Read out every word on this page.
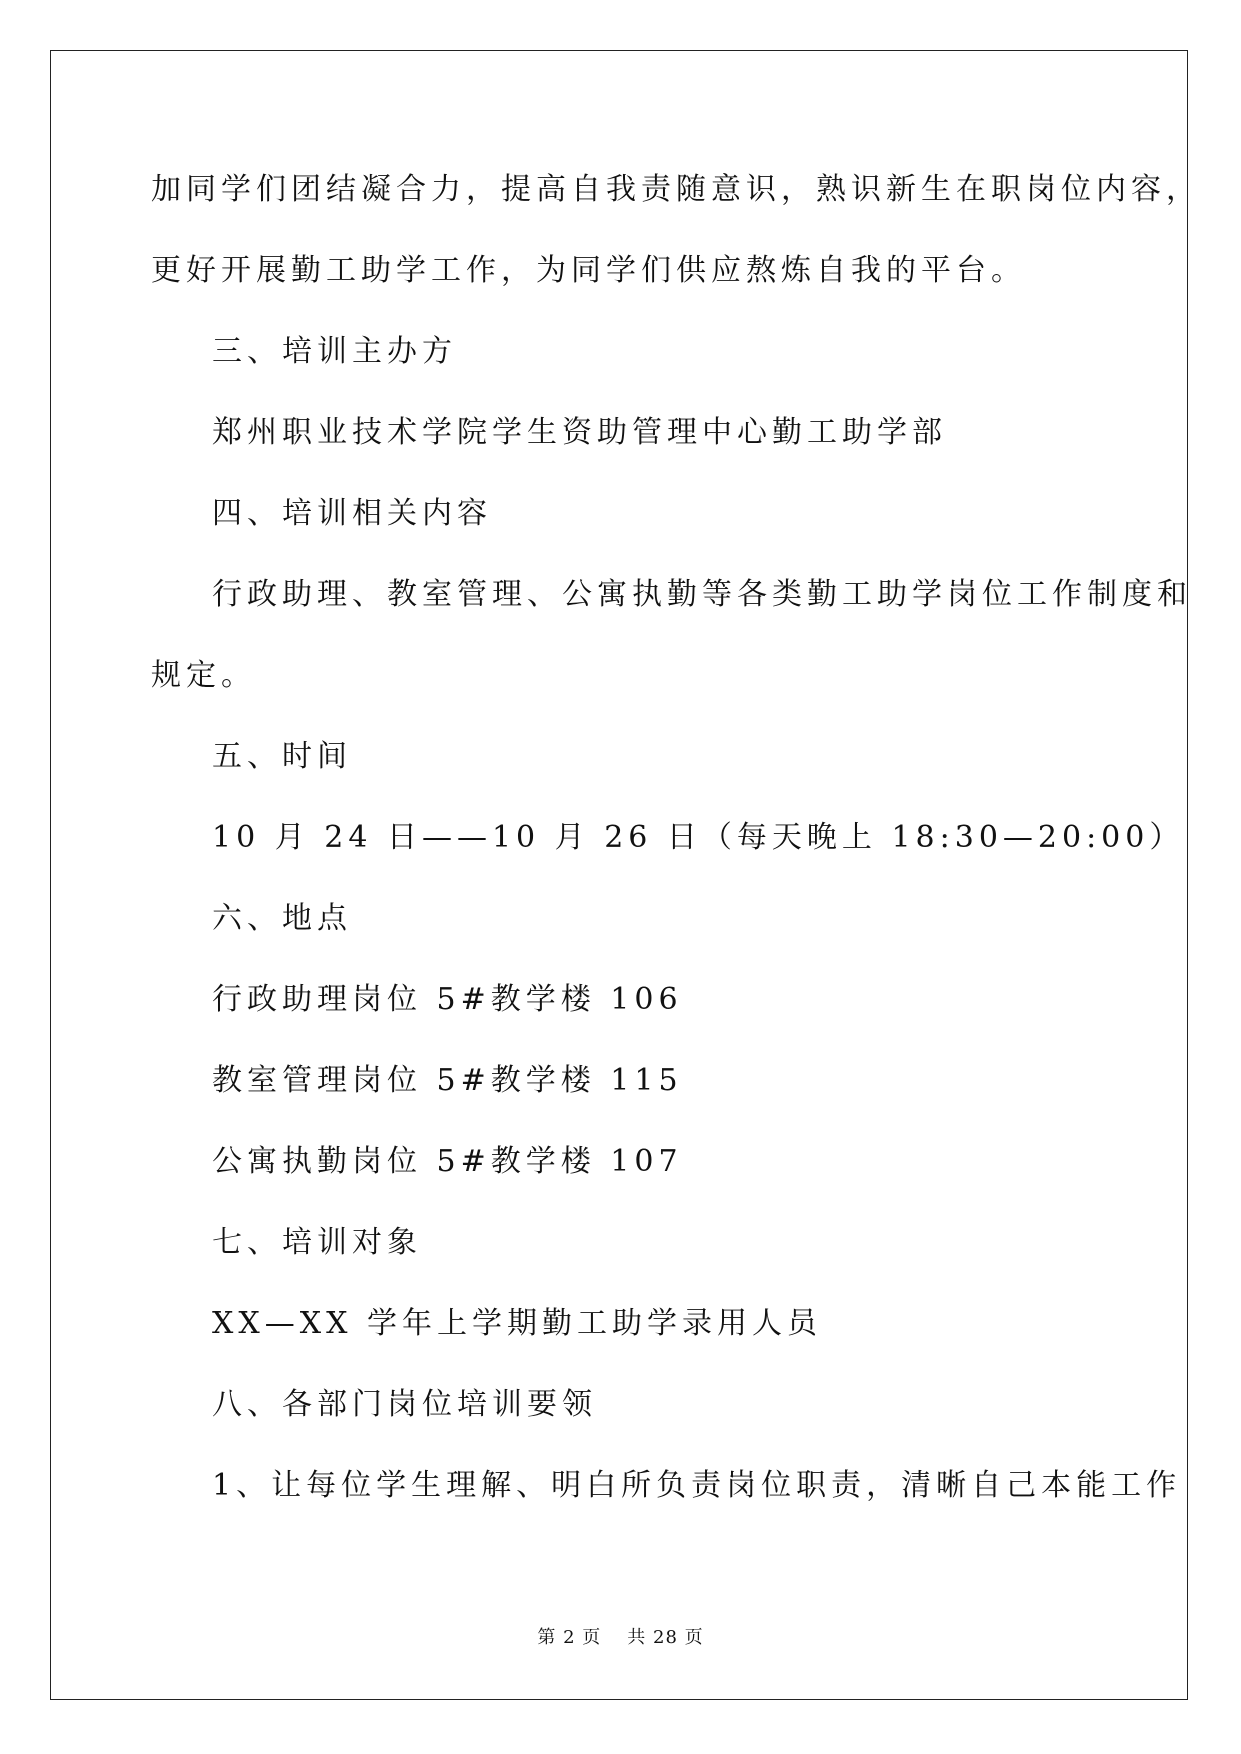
加同学们团结凝合力，提高自我责随意识，熟识新生在职岗位内容，
更好开展勤工助学工作，为同学们供应熬炼自我的平台。
三、培训主办方
郑州职业技术学院学生资助管理中心勤工助学部
四、培训相关内容
行政助理、教室管理、公寓执勤等各类勤工助学岗位工作制度和
规定。
五、时间
10 月 24 日——10 月 26 日（每天晚上 18:30—20:00）
六、地点
行政助理岗位 5#教学楼 106
教室管理岗位 5#教学楼 115
公寓执勤岗位 5#教学楼 107
七、培训对象
XX—XX 学年上学期勤工助学录用人员
八、各部门岗位培训要领
1、让每位学生理解、明白所负责岗位职责，清晰自己本能工作
第 2 页 共 28 页
